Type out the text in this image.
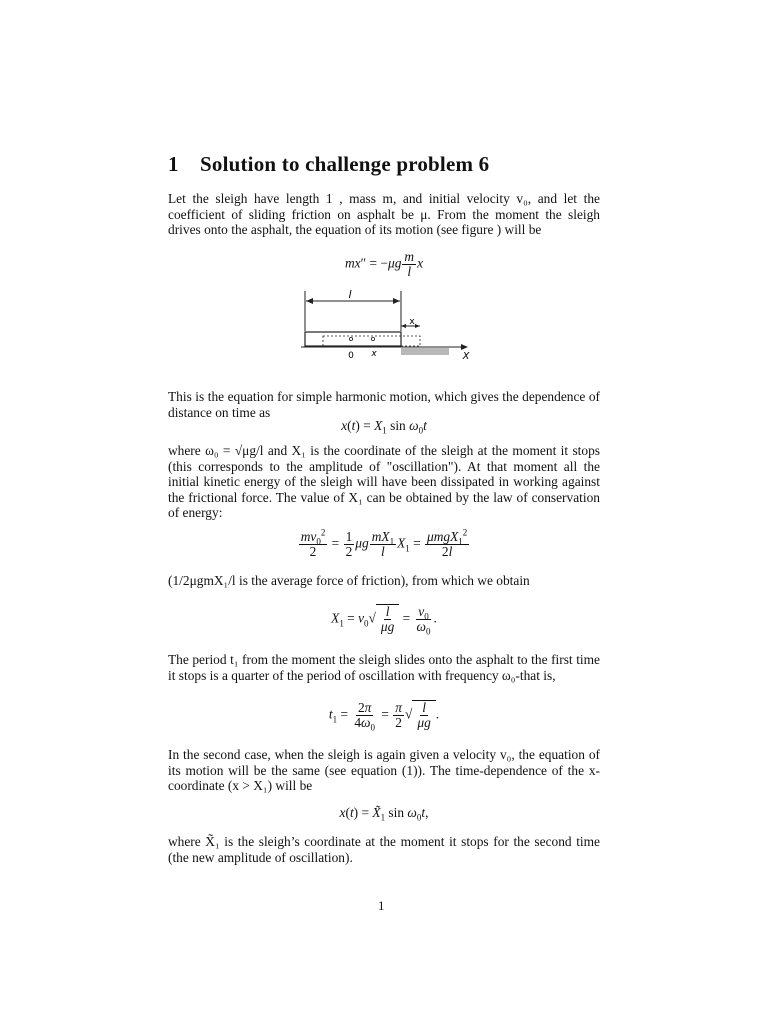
1 Solution to challenge problem 6

Let the sleigh have length 1 , mass m, and initial velocity v₀, and let the coefficient of sliding friction on asphalt be μ. From the moment the sleigh drives onto the asphalt, the equation of its motion (see figure ) will be

$mx'' = -\mu g \frac{m}{l}$ x
l
x
0 x	X

This is the equation for simple harmonic motion, which gives the dependence of distance on time as

$x(t) = X_1$ $\sin \omega_0t$

where ω₀ = √μg/l and X₁ is the coordinate of the sleigh at the moment it stops (this corresponds to the amplitude of "oscillation"). At that moment all the initial kinetic energy of the sleigh will have been dissipated in working against the frictional force. The value of X₁ can be obtained by the law of conservation of energy:

$\frac{mv_0^2}{2} = \frac{1}{2}$ μg $\frac{mX_1}{l} X_1 = \frac{\mu mgX_1^2}{2l}$

(1/2μgmX₁/l is the average force of friction), from which we obtain

$X_1 = v_0√ \frac{l}{\mu g} = \frac{v_0}{\omega_0}$ .

The period t₁ from the moment the sleigh slides onto the asphalt to the first time it stops is a quarter of the period of oscillation with frequency ω₀-that is,

$t_1 = \frac{2\pi}{4\omega_0} = \frac{\pi}{2}$ √ $\frac{l}{\mu g}$ .

In the second case, when the sleigh is again given a velocity v₀, the equation of its motion will be the same (see equation (1)). The time-dependence of the x-coordinate (x > X₁) will be

$x(t) = X̃_1$ $\sin \omega_0t$,

where X̃₁ is the sleigh’s coordinate at the moment it stops for the second time (the new amplitude of oscillation).

1
